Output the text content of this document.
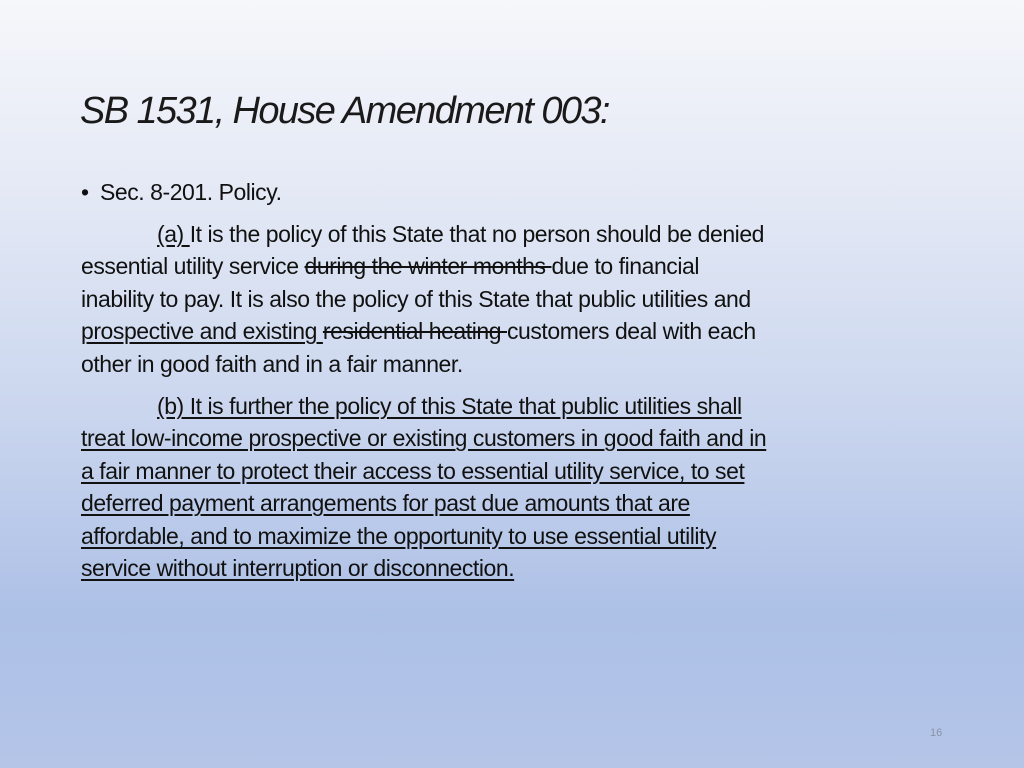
SB 1531, House Amendment 003:
• Sec. 8-201. Policy.
(a) It is the policy of this State that no person should be denied
essential utility service during the winter months due to financial
inability to pay. It is also the policy of this State that public utilities and
prospective and existing residential heating customers deal with each
other in good faith and in a fair manner.
(b) It is further the policy of this State that public utilities shall
treat low-income prospective or existing customers in good faith and in
a fair manner to protect their access to essential utility service, to set
deferred payment arrangements for past due amounts that are
affordable, and to maximize the opportunity to use essential utility
service without interruption or disconnection.
16
